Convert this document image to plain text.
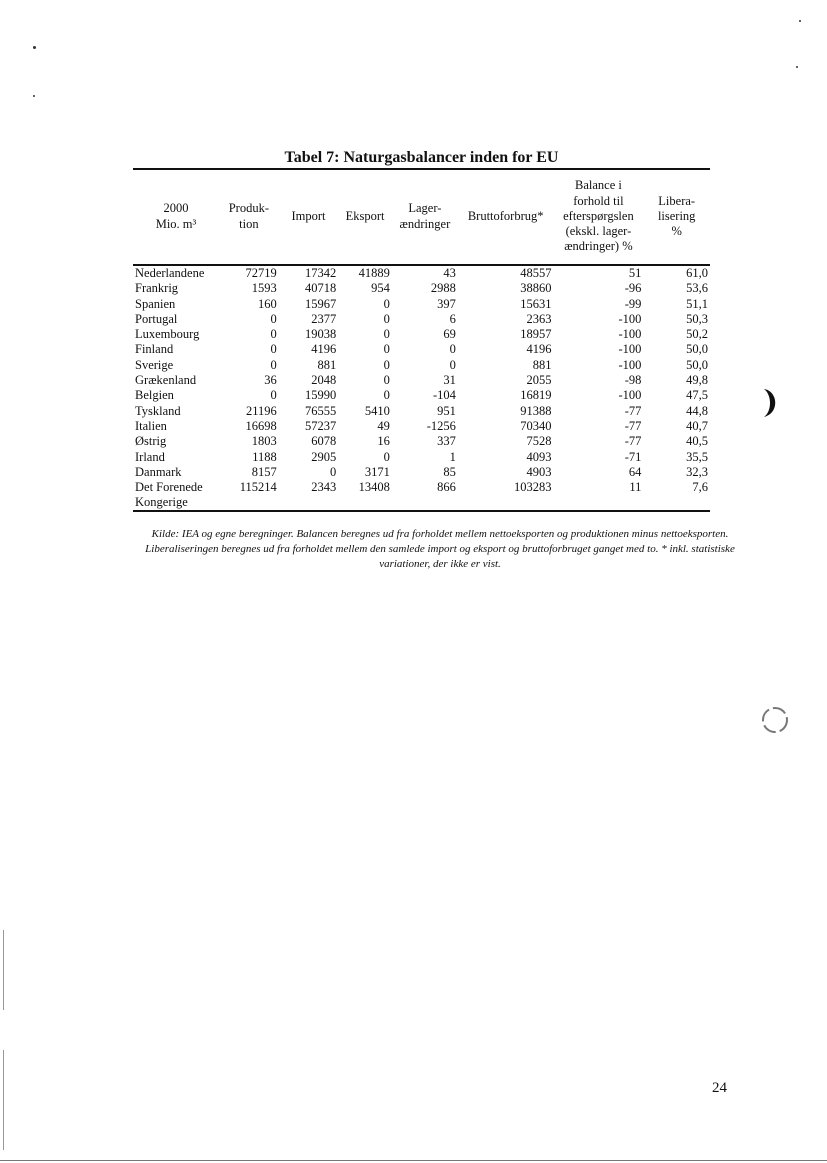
Tabel 7: Naturgasbalancer inden for EU
2000
Mio. m³	Produk- tion	Import	Eksport	Lager- ændringer	Bruttoforbrug*	Balance i forhold til efterspørgslen (ekskl. lager- ændringer) %	Libera- lisering %
Nederlandene	72719	17342	41889	43	48557	51	61,0
Frankrig	1593	40718	954	2988	38860	-96	53,6
Spanien	160	15967	0	397	15631	-99	51,1
Portugal	0	2377	0	6	2363	-100	50,3
Luxembourg	0	19038	0	69	18957	-100	50,2
Finland	0	4196	0	0	4196	-100	50,0
Sverige	0	881	0	0	881	-100	50,0
Grækenland	36	2048	0	31	2055	-98	49,8
Belgien	0	15990	0	-104	16819	-100	47,5
Tyskland	21196	76555	5410	951	91388	-77	44,8
Italien	16698	57237	49	-1256	70340	-77	40,7
Østrig	1803	6078	16	337	7528	-77	40,5
Irland	1188	2905	0	1	4093	-71	35,5
Danmark	8157	0	3171	85	4903	64	32,3
Det Forenede Kongerige	115214	2343	13408	866	103283	11	7,6
Kilde: IEA og egne beregninger. Balancen beregnes ud fra forholdet mellem nettoeksporten og produktionen minus nettoeksporten. Liberaliseringen beregnes ud fra forholdet mellem den samlede import og eksport og bruttoforbruget ganget med to. * inkl. statistiske variationer, der ikke er vist.
24
